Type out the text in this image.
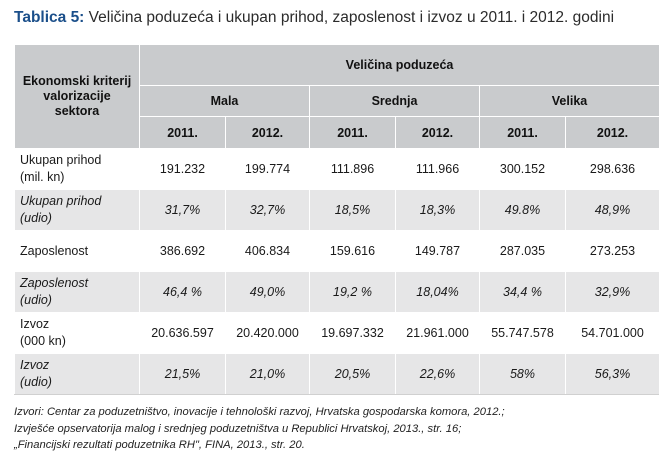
Tablica 5: Veličina poduzeća i ukupan prihod, zaposlenost i izvoz u 2011. i 2012. godini
Ekonomski kriterij valorizacije sektora	Veličina poduzeća					
	Mala		Srednja		Velika	
	2011.	2012.	2011.	2012.	2011.	2012.
Ukupan prihod
(mil. kn)	191.232	199.774	111.896	111.966	300.152	298.636
Ukupan prihod
(udio)	31,7%	32,7%	18,5%	18,3%	49.8%	48,9%
Zaposlenost	386.692	406.834	159.616	149.787	287.035	273.253
Zaposlenost
(udio)	46,4 %	49,0%	19,2 %	18,04%	34,4 %	32,9%
Izvoz
(000 kn)	20.636.597	20.420.000	19.697.332	21.961.000	55.747.578	54.701.000
Izvoz
(udio)	21,5%	21,0%	20,5%	22,6%	58%	56,3%
Izvori: Centar za poduzetništvo, inovacije i tehnološki razvoj, Hrvatska gospodarska komora, 2012.;
Izvješće opservatorija malog i srednjeg poduzetništva u Republici Hrvatskoj, 2013., str. 16;
„Financijski rezultati poduzetnika RH", FINA, 2013., str. 20.
